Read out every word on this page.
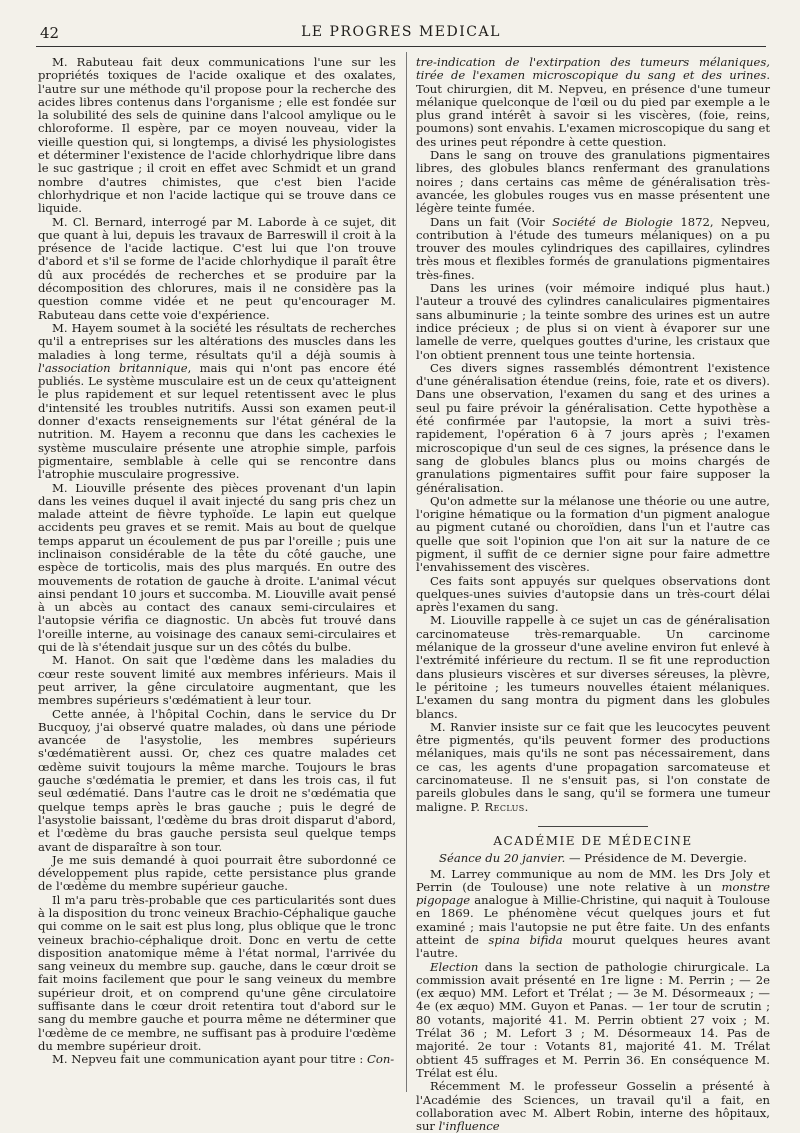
42	LE PROGRES MEDICAL

M. Rabuteau fait deux communications l'une sur les propriétés toxiques de l'acide oxalique et des oxalates, l'autre sur une méthode qu'il propose pour la recherche des acides libres contenus dans l'organisme ; elle est fondée sur la solubilité des sels de quinine dans l'alcool amylique ou le chloroforme. Il espère, par ce moyen nouveau, vider la vieille question qui, si longtemps, a divisé les physiologistes et déterminer l'existence de l'acide chlorhydrique libre dans le suc gastrique ; il croit en effet avec Schmidt et un grand nombre d'autres chimistes, que c'est bien l'acide chlorhydrique et non l'acide lactique qui se trouve dans ce liquide.

M. Cl. Bernard, interrogé par M. Laborde à ce sujet, dit que quant à lui, depuis les travaux de Barreswill il croit à la présence de l'acide lactique. C'est lui que l'on trouve d'abord et s'il se forme de l'acide chlorhydique il paraît être dû aux procédés de recherches et se produire par la décomposition des chlorures, mais il ne considère pas la question comme vidée et ne peut qu'encourager M. Rabuteau dans cette voie d'expérience.

M. Hayem soumet à la société les résultats de recherches qu'il a entreprises sur les altérations des muscles dans les maladies à long terme, résultats qu'il a déjà soumis à l'association britannique, mais qui n'ont pas encore été publiés. Le système musculaire est un de ceux qu'atteignent le plus rapidement et sur lequel retentissent avec le plus d'intensité les troubles nutritifs. Aussi son examen peut-il donner d'exacts renseignements sur l'état général de la nutrition. M. Hayem a reconnu que dans les cachexies le système musculaire présente une atrophie simple, parfois pigmentaire, semblable à celle qui se rencontre dans l'atrophie musculaire progressive.

M. Liouville présente des pièces provenant d'un lapin dans les veines duquel il avait injecté du sang pris chez un malade atteint de fièvre typhoïde. Le lapin eut quelque accidents peu graves et se remit. Mais au bout de quelque temps apparut un écoulement de pus par l'oreille ; puis une inclinaison considérable de la tête du côté gauche, une espèce de torticolis, mais des plus marqués. En outre des mouvements de rotation de gauche à droite. L'animal vécut ainsi pendant 10 jours et succomba. M. Liouville avait pensé à un abcès au contact des canaux semi-circulaires et l'autopsie vérifia ce diagnostic. Un abcès fut trouvé dans l'oreille interne, au voisinage des canaux semi-circulaires et qui de là s'étendait jusque sur un des côtés du bulbe.

M. Hanot. On sait que l'œdème dans les maladies du cœur reste souvent limité aux membres inférieurs. Mais il peut arriver, la gêne circulatoire augmentant, que les membres supérieurs s'œdématient à leur tour.

Cette année, à l'hôpital Cochin, dans le service du Dr Bucquoy, j'ai observé quatre malades, où dans une période avancée de l'asystolie, les membres supérieurs s'œdématièrent aussi. Or, chez ces quatre malades cet œdème suivit toujours la même marche. Toujours le bras gauche s'œdématia le premier, et dans les trois cas, il fut seul œdématié. Dans l'autre cas le droit ne s'œdématia que quelque temps après le bras gauche ; puis le degré de l'asystolie baissant, l'œdème du bras droit disparut d'abord, et l'œdème du bras gauche persista seul quelque temps avant de disparaître à son tour.

Je me suis demandé à quoi pourrait être subordonné ce développement plus rapide, cette persistance plus grande de l'œdème du membre supérieur gauche.

Il m'a paru très-probable que ces particularités sont dues à la disposition du tronc veineux Brachio-Céphalique gauche qui comme on le sait est plus long, plus oblique que le tronc veineux brachio-céphalique droit. Donc en vertu de cette disposition anatomique même à l'état normal, l'arrivée du sang veineux du membre sup. gauche, dans le cœur droit se fait moins facilement que pour le sang veineux du membre supérieur droit, et on comprend qu'une gêne circulatoire suffisante dans le cœur droit retentira tout d'abord sur le sang du membre gauche et pourra même ne déterminer que l'œdème de ce membre, ne suffisant pas à produire l'œdème du membre supérieur droit.

M. Nepveu fait une communication ayant pour titre : Con-

tre-indication de l'extirpation des tumeurs mélaniques, tirée de l'examen microscopique du sang et des urines. Tout chirurgien, dit M. Nepveu, en présence d'une tumeur mélanique quelconque de l'œil ou du pied par exemple a le plus grand intérêt à savoir si les viscères, (foie, reins, poumons) sont envahis. L'examen microscopique du sang et des urines peut répondre à cette question.

Dans le sang on trouve des granulations pigmentaires libres, des globules blancs renfermant des granulations noires ; dans certains cas même de généralisation très-avancée, les globules rouges vus en masse présentent une légère teinte fumée.

Dans un fait (Voir Société de Biologie 1872, Nepveu, contribution à l'étude des tumeurs mélaniques) on a pu trouver des moules cylindriques des capillaires, cylindres très mous et flexibles formés de granulations pigmentaires très-fines.

Dans les urines (voir mémoire indiqué plus haut.) l'auteur a trouvé des cylindres canaliculaires pigmentaires sans albuminurie ; la teinte sombre des urines est un autre indice précieux ; de plus si on vient à évaporer sur une lamelle de verre, quelques gouttes d'urine, les cristaux que l'on obtient prennent tous une teinte hortensia.

Ces divers signes rassemblés démontrent l'existence d'une généralisation étendue (reins, foie, rate et os divers). Dans une observation, l'examen du sang et des urines a seul pu faire prévoir la généralisation. Cette hypothèse a été confirmée par l'autopsie, la mort a suivi très-rapidement, l'opération 6 à 7 jours après ; l'examen microscopique d'un seul de ces signes, la présence dans le sang de globules blancs plus ou moins chargés de granulations pigmentaires suffit pour faire supposer la généralisation.

Qu'on admette sur la mélanose une théorie ou une autre, l'origine hématique ou la formation d'un pigment analogue au pigment cutané ou choroïdien, dans l'un et l'autre cas quelle que soit l'opinion que l'on ait sur la nature de ce pigment, il suffit de ce dernier signe pour faire admettre l'envahissement des viscères.

Ces faits sont appuyés sur quelques observations dont quelques-unes suivies d'autopsie dans un très-court délai après l'examen du sang.

M. Liouville rappelle à ce sujet un cas de généralisation carcinomateuse très-remarquable. Un carcinome mélanique de la grosseur d'une aveline environ fut enlevé à l'extrémité inférieure du rectum. Il se fit une reproduction dans plusieurs viscères et sur diverses séreuses, la plèvre, le péritoine ; les tumeurs nouvelles étaient mélaniques. L'examen du sang montra du pigment dans les globules blancs.

M. Ranvier insiste sur ce fait que les leucocytes peuvent être pigmentés, qu'ils peuvent former des productions mélaniques, mais qu'ils ne sont pas nécessairement, dans ce cas, les agents d'une propagation sarcomateuse et carcinomateuse. Il ne s'ensuit pas, si l'on constate de pareils globules dans le sang, qu'il se formera une tumeur maligne. P. Reclus.

ACADÉMIE DE MÉDECINE
Séance du 20 janvier. — Présidence de M. Devergie.

M. Larrey communique au nom de MM. les Drs Joly et Perrin (de Toulouse) une note relative à un monstre pigopage analogue à Millie-Christine, qui naquit à Toulouse en 1869. Le phénomène vécut quelques jours et fut examiné ; mais l'autopsie ne put être faite. Un des enfants atteint de spina bifida mourut quelques heures avant l'autre.

Election dans la section de pathologie chirurgicale. La commission avait présenté en 1re ligne : M. Perrin ; — 2e (ex æquo) MM. Lefort et Trélat ; — 3e M. Désormeaux ; — 4e (ex æquo) MM. Guyon et Panas. — 1er tour de scrutin ; 80 votants, majorité 41. M. Perrin obtient 27 voix ; M. Trélat 36 ; M. Lefort 3 ; M. Désormeaux 14. Pas de majorité. 2e tour : Votants 81, majorité 41. M. Trélat obtient 45 suffrages et M. Perrin 36. En conséquence M. Trélat est élu.

Récemment M. le professeur Gosselin a présenté à l'Académie des Sciences, un travail qu'il a fait, en collaboration avec M. Albert Robin, interne des hôpitaux, sur l'influence
